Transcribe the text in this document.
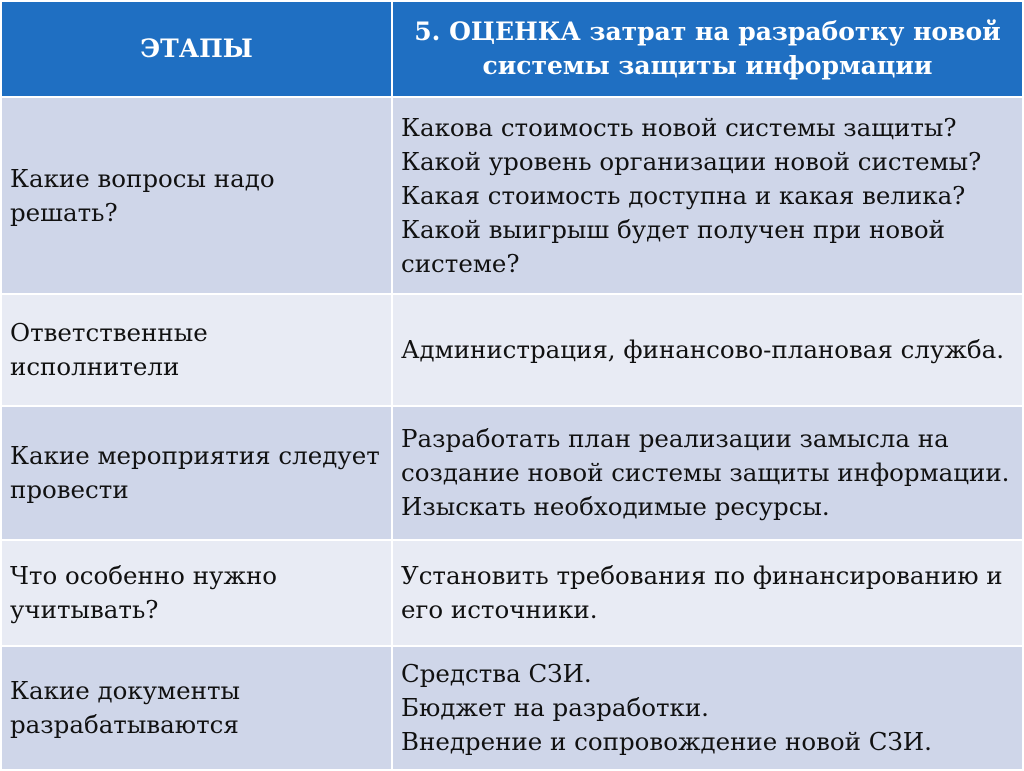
ЭТАПЫ	5. ОЦЕНКА затрат на разработку новой
системы защиты информации

Какие вопросы надо решать?	Какова стоимость новой системы защиты?
Какой уровень организации новой системы?
Какая стоимость доступна и какая велика?
Какой выигрыш будет получен при новой
системе?

Ответственные
исполнители	Администрация, финансово-плановая служба.

Какие мероприятия следует
провести	Разработать план реализации замысла на
создание новой системы защиты информации.
Изыскать необходимые ресурсы.

Что особенно нужно
учитывать?	Установить требования по финансированию и
его источники.

Какие документы
разрабатываются	Средства СЗИ.
Бюджет на разработки.
Внедрение и сопровождение новой СЗИ.
